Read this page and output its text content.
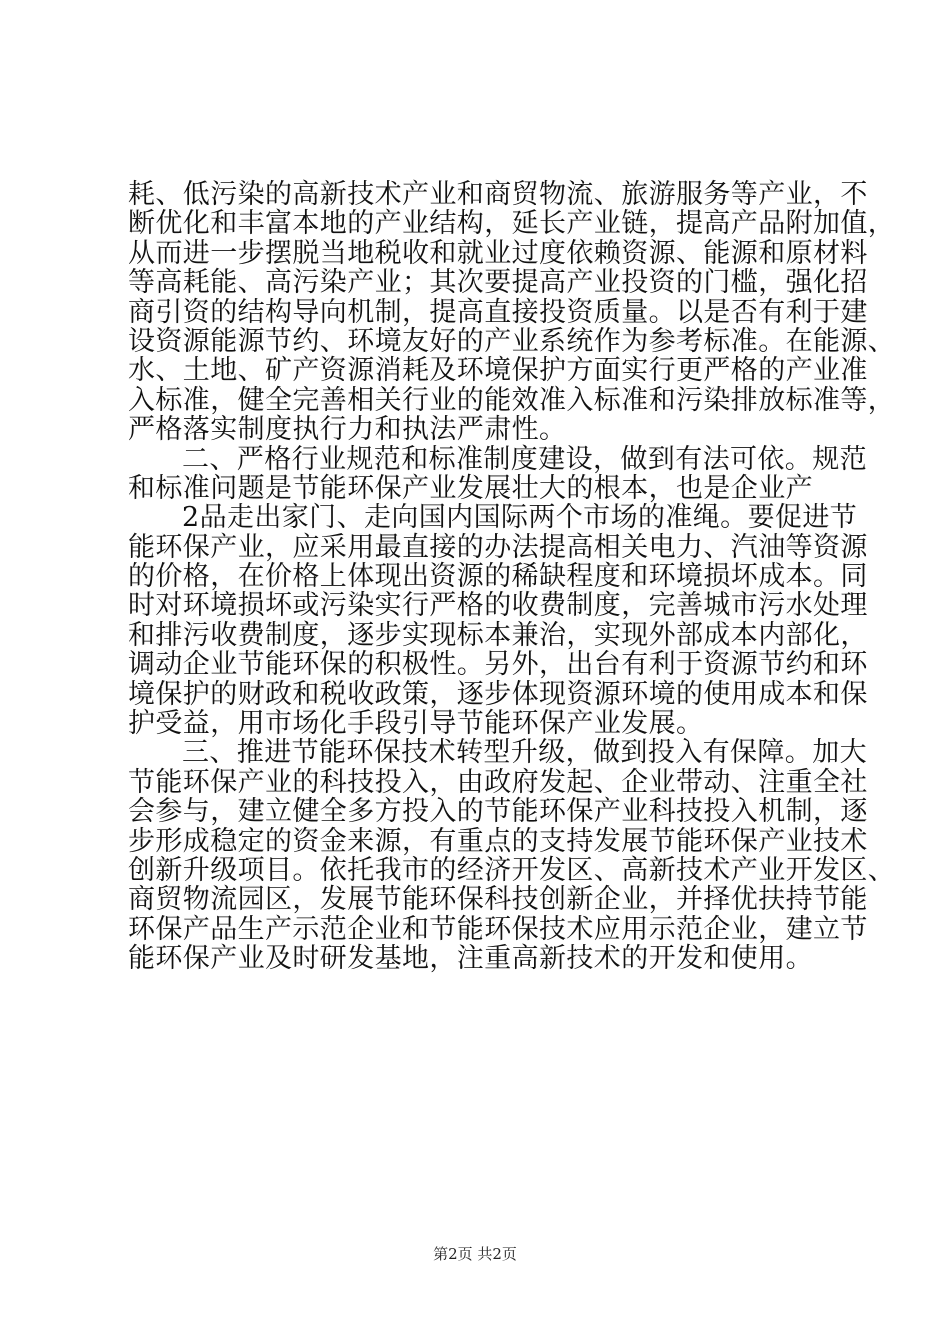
耗、低污染的高新技术产业和商贸物流、旅游服务等产业，不
断优化和丰富本地的产业结构，延长产业链，提高产品附加值，
从而进一步摆脱当地税收和就业过度依赖资源、能源和原材料
等高耗能、高污染产业；其次要提高产业投资的门槛，强化招
商引资的结构导向机制，提高直接投资质量。以是否有利于建
设资源能源节约、环境友好的产业系统作为参考标准。在能源、
水、土地、矿产资源消耗及环境保护方面实行更严格的产业准
入标准，健全完善相关行业的能效准入标准和污染排放标准等，
严格落实制度执行力和执法严肃性。
二、严格行业规范和标准制度建设，做到有法可依。规范
和标准问题是节能环保产业发展壮大的根本，也是企业产
2品走出家门、走向国内国际两个市场的准绳。要促进节
能环保产业，应采用最直接的办法提高相关电力、汽油等资源
的价格，在价格上体现出资源的稀缺程度和环境损坏成本。同
时对环境损坏或污染实行严格的收费制度，完善城市污水处理
和排污收费制度，逐步实现标本兼治，实现外部成本内部化，
调动企业节能环保的积极性。另外，出台有利于资源节约和环
境保护的财政和税收政策，逐步体现资源环境的使用成本和保
护受益，用市场化手段引导节能环保产业发展。
三、推进节能环保技术转型升级，做到投入有保障。加大
节能环保产业的科技投入，由政府发起、企业带动、注重全社
会参与，建立健全多方投入的节能环保产业科技投入机制，逐
步形成稳定的资金来源，有重点的支持发展节能环保产业技术
创新升级项目。依托我市的经济开发区、高新技术产业开发区、
商贸物流园区，发展节能环保科技创新企业，并择优扶持节能
环保产品生产示范企业和节能环保技术应用示范企业，建立节
能环保产业及时研发基地，注重高新技术的开发和使用。
第2页 共2页
